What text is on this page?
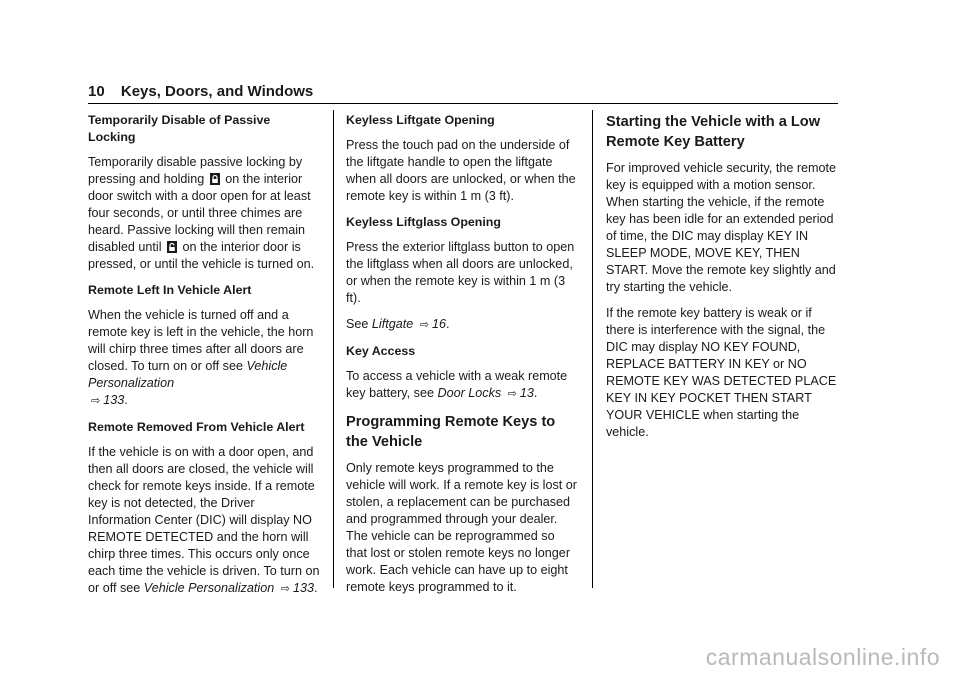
10 Keys, Doors, and Windows

Temporarily Disable of Passive Locking

Temporarily disable passive locking by pressing and holding on the interior door switch with a door open for at least four seconds, or until three chimes are heard. Passive locking will then remain disabled until on the interior door is pressed, or until the vehicle is turned on.

Remote Left In Vehicle Alert

When the vehicle is turned off and a remote key is left in the vehicle, the horn will chirp three times after all doors are closed. To turn on or off see Vehicle Personalization
⇨ 133.

Remote Removed From Vehicle Alert

If the vehicle is on with a door open, and then all doors are closed, the vehicle will check for remote keys inside. If a remote key is not detected, the Driver Information Center (DIC) will display NO REMOTE DETECTED and the horn will chirp three times. This occurs only once each time the vehicle is driven. To turn on or off see Vehicle Personalization ⇨ 133.

Keyless Liftgate Opening

Press the touch pad on the underside of the liftgate handle to open the liftgate when all doors are unlocked, or when the remote key is within 1 m (3 ft).

Keyless Liftglass Opening

Press the exterior liftglass button to open the liftglass when all doors are unlocked, or when the remote key is within 1 m (3 ft).

See Liftgate ⇨ 16.

Key Access

To access a vehicle with a weak remote key battery, see Door Locks ⇨ 13.

Programming Remote Keys to the Vehicle

Only remote keys programmed to the vehicle will work. If a remote key is lost or stolen, a replacement can be purchased and programmed through your dealer. The vehicle can be reprogrammed so that lost or stolen remote keys no longer work. Each vehicle can have up to eight remote keys programmed to it.

Starting the Vehicle with a Low Remote Key Battery

For improved vehicle security, the remote key is equipped with a motion sensor. When starting the vehicle, if the remote key has been idle for an extended period of time, the DIC may display KEY IN SLEEP MODE, MOVE KEY, THEN START. Move the remote key slightly and try starting the vehicle.

If the remote key battery is weak or if there is interference with the signal, the DIC may display NO KEY FOUND, REPLACE BATTERY IN KEY or NO REMOTE KEY WAS DETECTED PLACE KEY IN KEY POCKET THEN START YOUR VEHICLE when starting the vehicle.

carmanualsonline.info
